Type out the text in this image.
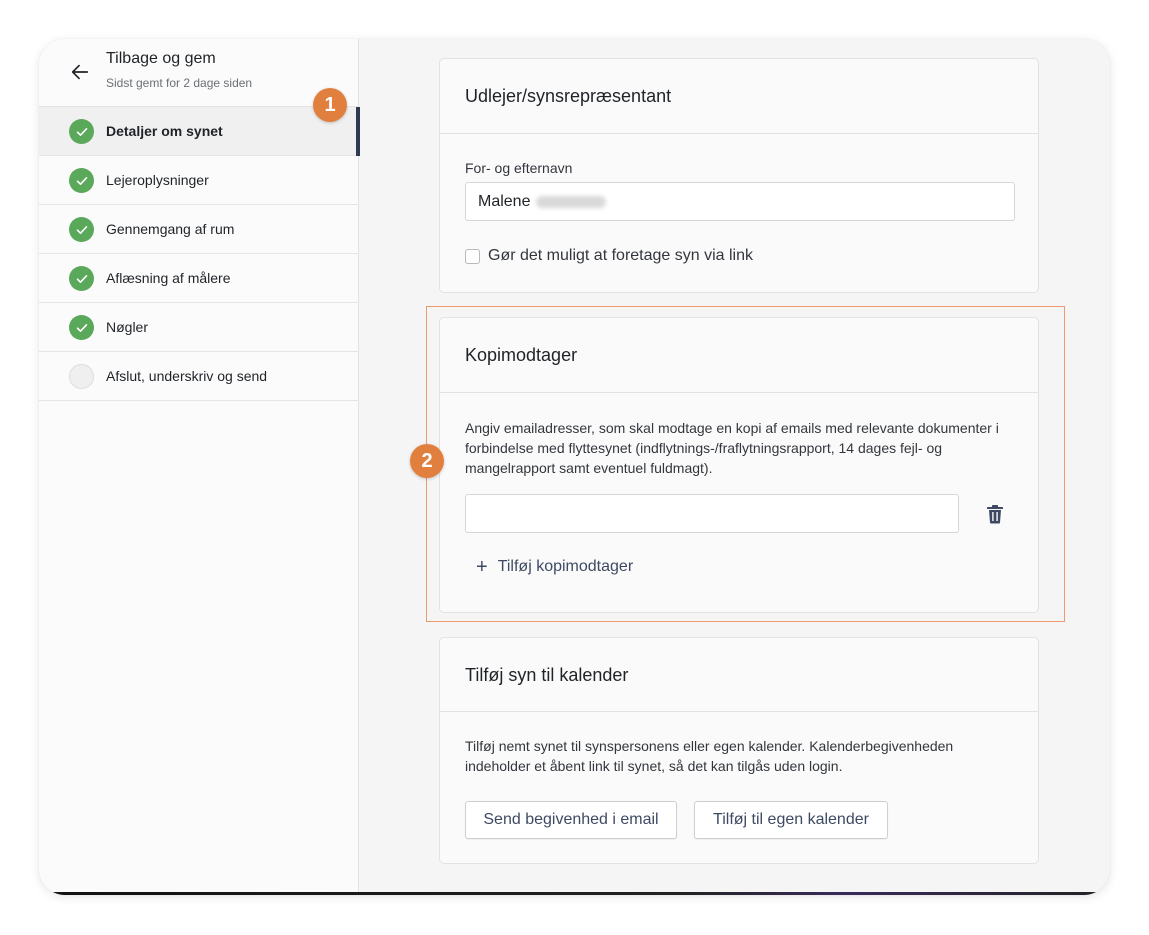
Tilbage og gem
Sidst gemt for 2 dage siden
Detaljer om synet
Lejeroplysninger
Gennemgang af rum
Aflæsning af målere
Nøgler
Afslut, underskriv og send
Udlejer/synsrepræsentant
For- og efternavn
Malene
Gør det muligt at foretage syn via link
Kopimodtager
Angiv emailadresser, som skal modtage en kopi af emails med relevante dokumenter i forbindelse med flyttesynet (indflytnings-/fraflytningsrapport, 14 dages fejl- og mangelrapport samt eventuel fuldmagt).
+ Tilføj kopimodtager
Tilføj syn til kalender
Tilføj nemt synet til synspersonens eller egen kalender. Kalenderbegivenheden indeholder et åbent link til synet, så det kan tilgås uden login.
Send begivenhed i email	Tilføj til egen kalender
1
2
